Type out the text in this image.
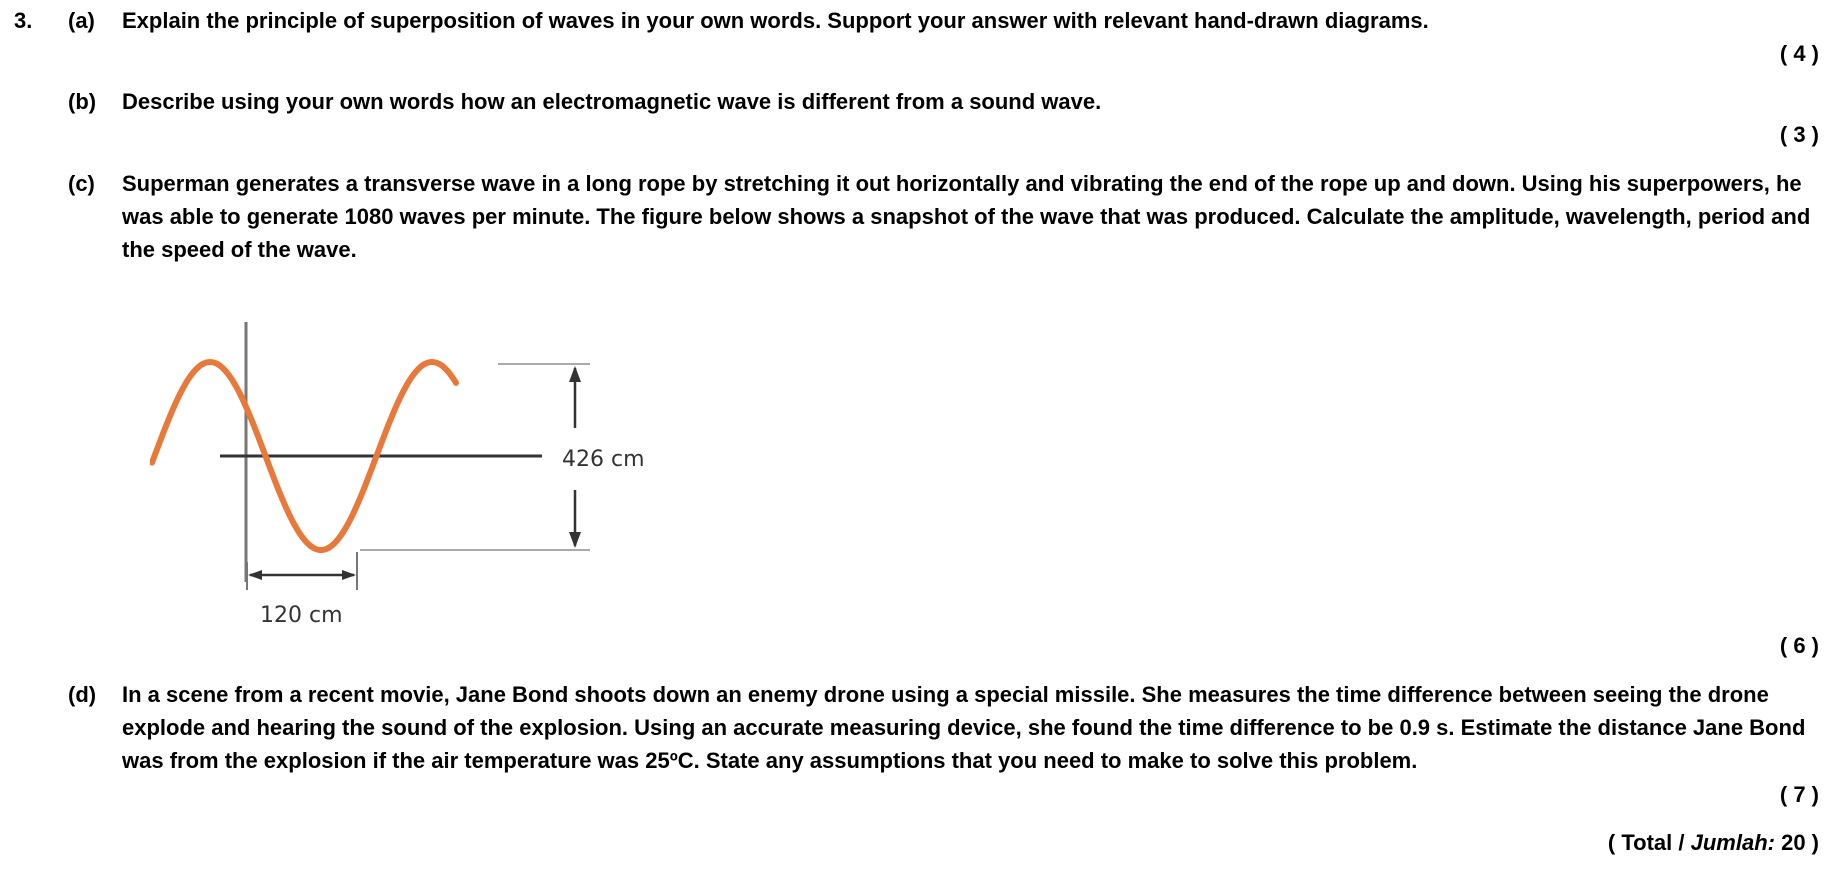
3. (a) Explain the principle of superposition of waves in your own words. Support your answer with relevant hand-drawn diagrams.
( 4 )
(b) Describe using your own words how an electromagnetic wave is different from a sound wave.
( 3 )
(c) Superman generates a transverse wave in a long rope by stretching it out horizontally and vibrating the end of the rope up and down. Using his superpowers, he was able to generate 1080 waves per minute. The figure below shows a snapshot of the wave that was produced. Calculate the amplitude, wavelength, period and the speed of the wave.
426 cm
120 cm
( 6 )
(d) In a scene from a recent movie, Jane Bond shoots down an enemy drone using a special missile. She measures the time difference between seeing the drone explode and hearing the sound of the explosion. Using an accurate measuring device, she found the time difference to be 0.9 s. Estimate the distance Jane Bond was from the explosion if the air temperature was 25ºC. State any assumptions that you need to make to solve this problem.
( 7 )
( Total / Jumlah: 20 )
